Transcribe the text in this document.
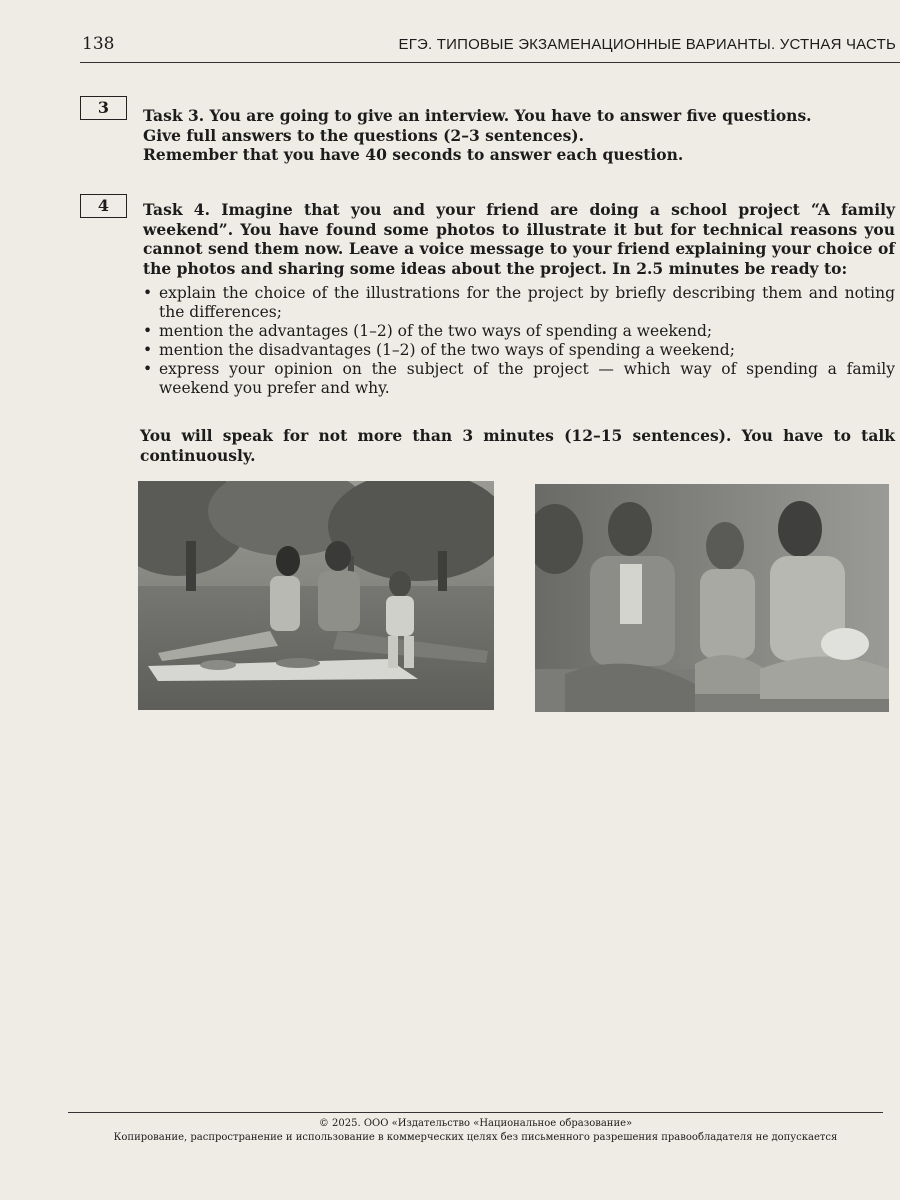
138	ЕГЭ. ТИПОВЫЕ ЭКЗАМЕНАЦИОННЫЕ ВАРИАНТЫ. УСТНАЯ ЧАСТЬ
3	Task 3. You are going to give an interview. You have to answer five questions.

Give full answers to the questions (2–3 sentences).

Remember that you have 40 seconds to answer each question.

4	Task 4. Imagine that you and your friend are doing a school project “A family weekend”. You have found some photos to illustrate it but for technical reasons you cannot send them now. Leave a voice message to your friend explaining your choice of the photos and sharing some ideas about the project. In 2.5 minutes be ready to:
• explain the choice of the illustrations for the project by briefly describing them and noting the differences;
• mention the advantages (1–2) of the two ways of spending a weekend;
• mention the disadvantages (1–2) of the two ways of spending a weekend;
• express your opinion on the subject of the project — which way of spending a family weekend you prefer and why.
You will speak for not more than 3 minutes (12–15 sentences). You have to talk continuously.
© 2025. ООО «Издательство «Национальное образование»
Копирование, распространение и использование в коммерческих целях без письменного разрешения правообладателя не допускается
